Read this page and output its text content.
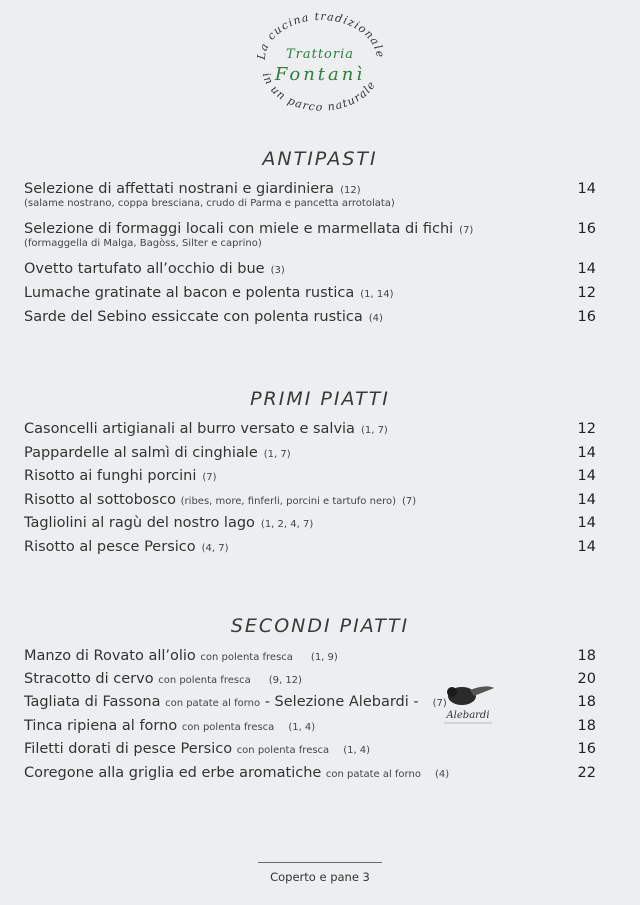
La cucina tradizionale
Trattoria
Fontanì
in un parco naturale
ANTIPASTI
Selezione di affettati nostrani e giardiniera (12)	14
(salame nostrano, coppa bresciana, crudo di Parma e pancetta arrotolata)
Selezione di formaggi locali con miele e marmellata di fichi (7)	16
(formaggella di Malga, Bagòss, Silter e caprino)
Ovetto tartufato all’occhio di bue (3)	14
Lumache gratinate al bacon e polenta rustica (1, 14)	12
Sarde del Sebino essiccate con polenta rustica (4)	16
PRIMI PIATTI
Casoncelli artigianali al burro versato e salvia (1, 7)	12
Pappardelle al salmì di cinghiale (1, 7)	14
Risotto ai funghi porcini (7)	14
Risotto al sottobosco (ribes, more, finferli, porcini e tartufo nero) (7)	14
Tagliolini al ragù del nostro lago (1, 2, 4, 7)	14
Risotto al pesce Persico (4, 7)	14
SECONDI PIATTI
Manzo di Rovato all’olio con polenta fresca (1, 9)	18
Stracotto di cervo con polenta fresca (9, 12)	20
Tagliata di Fassona con patate al forno - Selezione Alebardi - (7)	18
Tinca ripiena al forno con polenta fresca (1, 4)	18
Filetti dorati di pesce Persico con polenta fresca (1, 4)	16
Coregone alla griglia ed erbe aromatiche con patate al forno (4)	22
Alebardi
Coperto e pane 3
